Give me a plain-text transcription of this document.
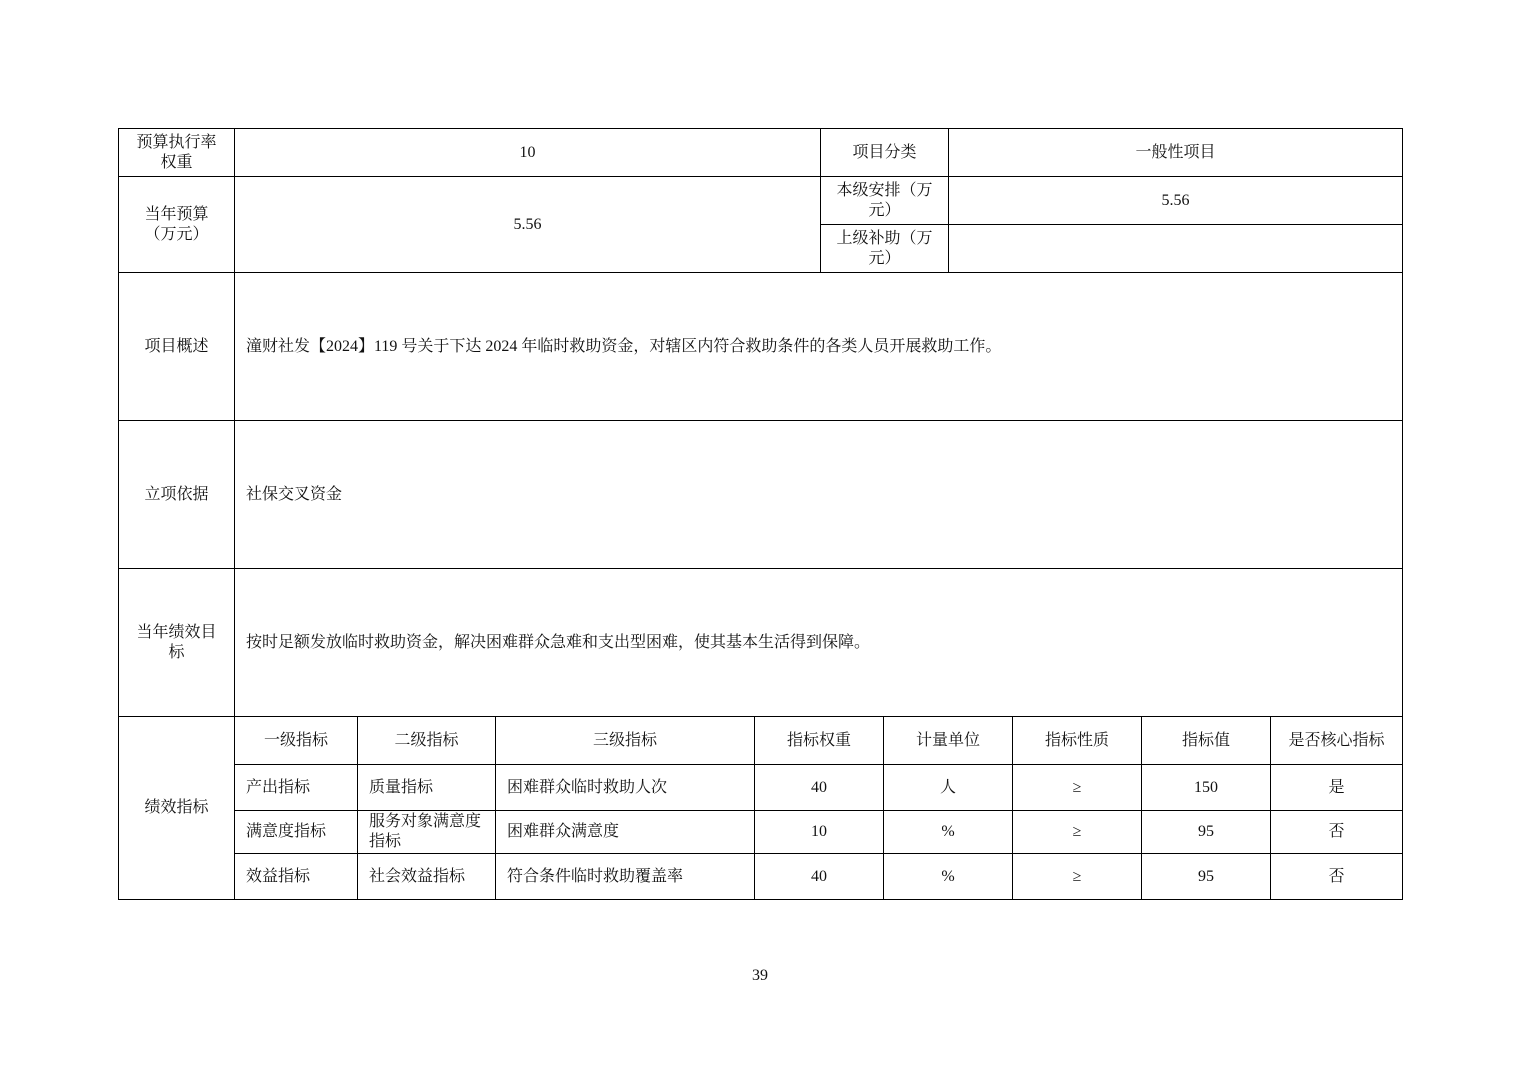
预算执行率权重	10				项目分类		一般性项目			
当年预算（万元）	5.56				本级安排（万元）		5.56			
					上级补助（万元）					
项目概述	潼财社发【2024】119 号关于下达 2024 年临时救助资金，对辖区内符合救助条件的各类人员开展救助工作。									
立项依据	社保交叉资金									
当年绩效目标	按时足额发放临时救助资金，解决困难群众急难和支出型困难，使其基本生活得到保障。									
绩效指标	一级指标	二级指标	三级指标	指标权重		计量单位		指标性质	指标值	是否核心指标
	产出指标	质量指标	困难群众临时救助人次	40		人		≥	150	是
	满意度指标	服务对象满意度指标	困难群众满意度	10		%		≥	95	否
	效益指标	社会效益指标	符合条件临时救助覆盖率	40		%		≥	95	否
39
